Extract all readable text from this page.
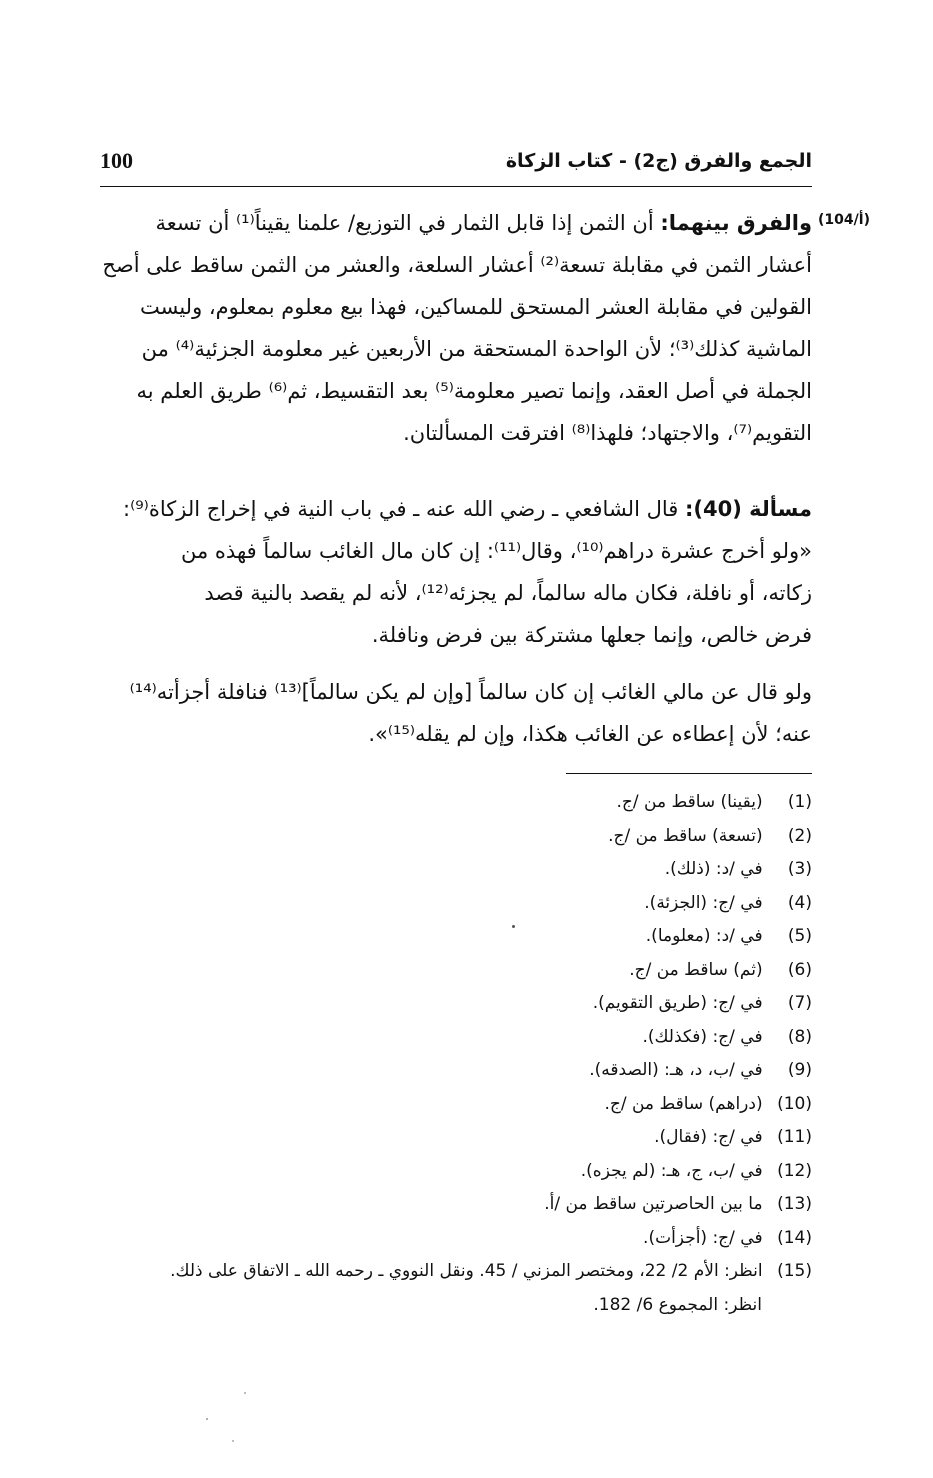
100	الجمع والفرق (ج2) - كتاب الزكاة
(104/أ)
والفرق بينهما: أن الثمن إذا قابل الثمار في التوزيع/ علمنا يقيناً⁽¹⁾ أن تسعة
أعشار الثمن في مقابلة تسعة⁽²⁾ أعشار السلعة، والعشر من الثمن ساقط على أصح
القولين في مقابلة العشر المستحق للمساكين، فهذا بيع معلوم بمعلوم، وليست
الماشية كذلك⁽³⁾؛ لأن الواحدة المستحقة من الأربعين غير معلومة الجزئية⁽⁴⁾ من
الجملة في أصل العقد، وإنما تصير معلومة⁽⁵⁾ بعد التقسيط، ثم⁽⁶⁾ طريق العلم به
التقويم⁽⁷⁾، والاجتهاد؛ فلهذا⁽⁸⁾ افترقت المسألتان.
مسألة (40): قال الشافعي ـ رضي الله عنه ـ في باب النية في إخراج الزكاة⁽⁹⁾:
«ولو أخرج عشرة دراهم⁽¹⁰⁾، وقال⁽¹¹⁾: إن كان مال الغائب سالماً فهذه من
زكاته، أو نافلة، فكان ماله سالماً، لم يجزئه⁽¹²⁾، لأنه لم يقصد بالنية قصد
فرض خالص، وإنما جعلها مشتركة بين فرض ونافلة.
ولو قال عن مالي الغائب إن كان سالماً [وإن لم يكن سالماً]⁽¹³⁾ فنافلة أجزأته⁽¹⁴⁾
عنه؛ لأن إعطاءه عن الغائب هكذا، وإن لم يقله⁽¹⁵⁾».
(1) (يقينا) ساقط من /ج.
(2) (تسعة) ساقط من /ج.
(3) في /د: (ذلك).
(4) في /ج: (الجزئة).
(5) في /د: (معلوما).
(6) (ثم) ساقط من /ج.
(7) في /ج: (طريق التقويم).
(8) في /ج: (فكذلك).
(9) في /ب، د، هـ: (الصدقه).
(10) (دراهم) ساقط من /ج.
(11) في /ج: (فقال).
(12) في /ب، ج، هـ: (لم يجزه).
(13) ما بين الحاصرتين ساقط من /أ.
(14) في /ج: (أجزأت).
(15) انظر: الأم 2/ 22، ومختصر المزني / 45. ونقل النووي ـ رحمه الله ـ الاتفاق على ذلك.
انظر: المجموع 6/ 182.
